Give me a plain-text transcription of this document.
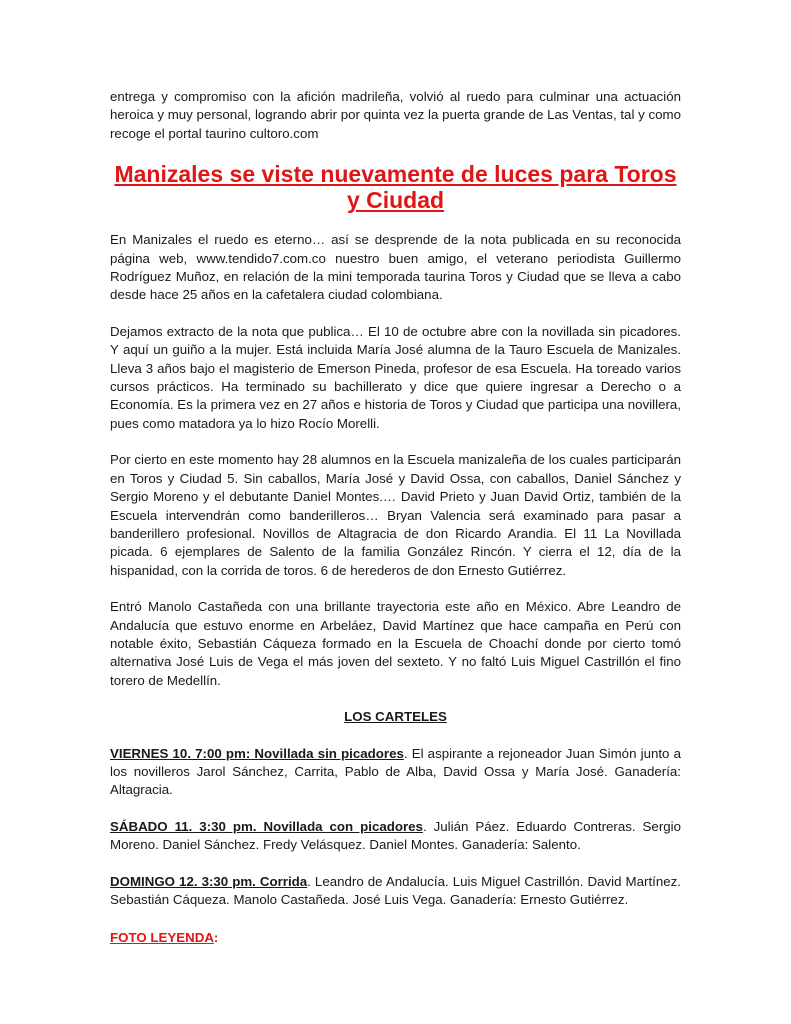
entrega y compromiso con la afición madrileña, volvió al ruedo para culminar una actuación heroica y muy personal, logrando abrir por quinta vez la puerta grande de Las Ventas, tal y como recoge el portal taurino cultoro.com

Manizales se viste nuevamente de luces para Toros y Ciudad

En Manizales el ruedo es eterno… así se desprende de la nota publicada en su reconocida página web, www.tendido7.com.co nuestro buen amigo, el veterano periodista Guillermo Rodríguez Muñoz, en relación de la mini temporada taurina Toros y Ciudad que se lleva a cabo desde hace 25 años en la cafetalera ciudad colombiana.

Dejamos extracto de la nota que publica… El 10 de octubre abre con la novillada sin picadores. Y aquí un guiño a la mujer. Está incluida María José alumna de la Tauro Escuela de Manizales. Lleva 3 años bajo el magisterio de Emerson Pineda, profesor de esa Escuela. Ha toreado varios cursos prácticos. Ha terminado su bachillerato y dice que quiere ingresar a Derecho o a Economía. Es la primera vez en 27 años e historia de Toros y Ciudad que participa una novillera, pues como matadora ya lo hizo Rocío Morelli.

Por cierto en este momento hay 28 alumnos en la Escuela manizaleña de los cuales participarán en Toros y Ciudad 5. Sin caballos, María José y David Ossa, con caballos, Daniel Sánchez y Sergio Moreno y el debutante Daniel Montes.… David Prieto y Juan David Ortiz, también de la Escuela intervendrán como banderilleros… Bryan Valencia será examinado para pasar a banderillero profesional. Novillos de Altagracia de don Ricardo Arandia. El 11 La Novillada picada. 6 ejemplares de Salento de la familia González Rincón. Y cierra el 12, día de la hispanidad, con la corrida de toros. 6 de herederos de don Ernesto Gutiérrez.

Entró Manolo Castañeda con una brillante trayectoria este año en México. Abre Leandro de Andalucía que estuvo enorme en Arbeláez, David Martínez que hace campaña en Perú con notable éxito, Sebastián Cáqueza formado en la Escuela de Choachí donde por cierto tomó alternativa José Luis de Vega el más joven del sexteto. Y no faltó Luis Miguel Castrillón el fino torero de Medellín.

LOS CARTELES

VIERNES 10. 7:00 pm: Novillada sin picadores. El aspirante a rejoneador Juan Simón junto a los novilleros Jarol Sánchez, Carrita, Pablo de Alba, David Ossa y María José. Ganadería: Altagracia.

SÁBADO 11. 3:30 pm. Novillada con picadores. Julián Páez. Eduardo Contreras. Sergio Moreno. Daniel Sánchez. Fredy Velásquez. Daniel Montes. Ganadería: Salento.

DOMINGO 12. 3:30 pm. Corrida. Leandro de Andalucía. Luis Miguel Castrillón. David Martínez. Sebastián Cáqueza. Manolo Castañeda. José Luis Vega. Ganadería: Ernesto Gutiérrez.

FOTO LEYENDA:
